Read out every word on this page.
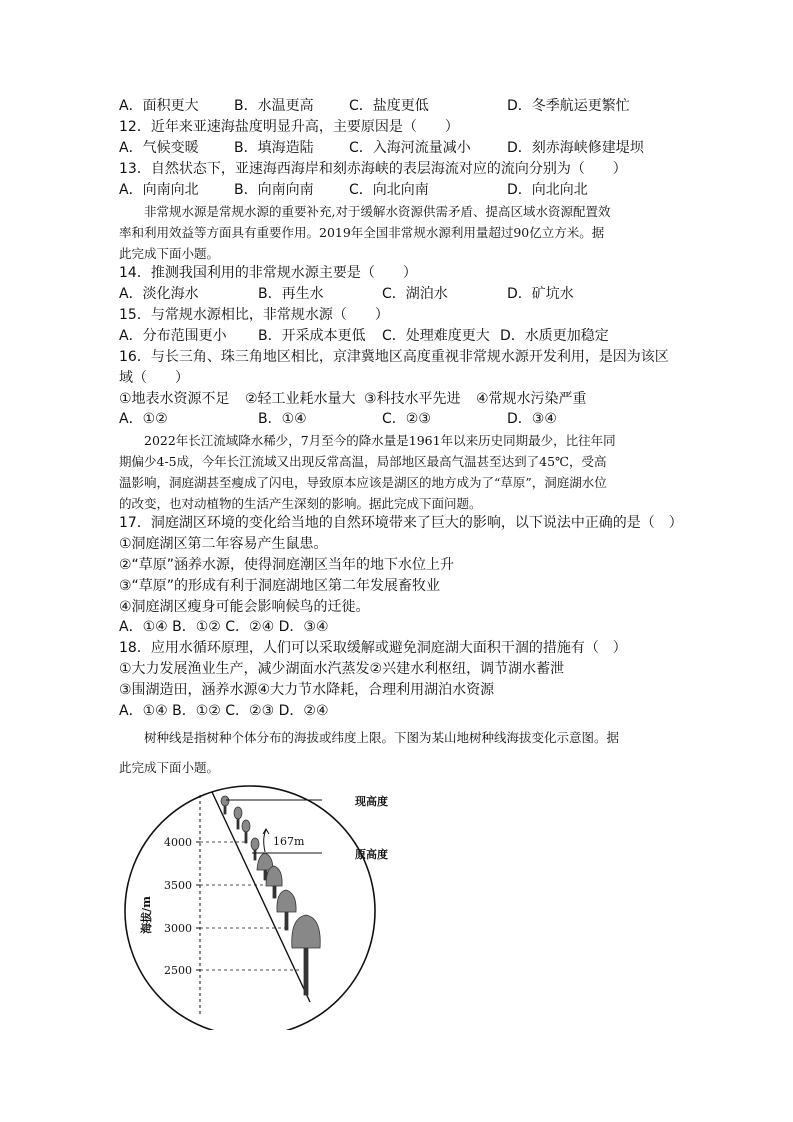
A．面积更大	B．水温更高	C．盐度更低	D．冬季航运更繁忙
12．近年来亚速海盐度明显升高，主要原因是（　　）
A．气候变暖	B．填海造陆	C．入海河流量减小	D．刻赤海峡修建堤坝
13．自然状态下，亚速海西海岸和刻赤海峡的表层海流对应的流向分别为（　　）
A．向南向北	B．向南向南	C．向北向南	D．向北向北
　　非常规水源是常规水源的重要补充,对于缓解水资源供需矛盾、提高区域水资源配置效
率和利用效益等方面具有重要作用。2019年全国非常规水源利用量超过90亿立方米。据
此完成下面小题。
14．推测我国利用的非常规水源主要是（　　）
A．淡化海水	B．再生水	C．湖泊水	D．矿坑水
15．与常规水源相比，非常规水源（　　）
A．分布范围更小 B．开采成本更低 C．处理难度更大 D．水质更加稳定
16．与长三角、珠三角地区相比，京津冀地区高度重视非常规水源开发利用，是因为该区
域（　　）
①地表水资源不足 ②轻工业耗水量大 ③科技水平先进 ④常规水污染严重
A．①②	B．①④	C．②③	D．③④
　　2022年长江流域降水稀少，7月至今的降水量是1961年以来历史同期最少，比往年同
期偏少4-5成，今年长江流域又出现反常高温，局部地区最高气温甚至达到了45℃，受高
温影响，洞庭湖甚至瘦成了闪电，导致原本应该是湖区的地方成为了“草原”，洞庭湖水位
的改变，也对动植物的生活产生深刻的影响。据此完成下面问题。
17．洞庭湖区环境的变化给当地的自然环境带来了巨大的影响，以下说法中正确的是（　）
①洞庭湖区第二年容易产生鼠患。
②“草原”涵养水源，使得洞庭潮区当年的地下水位上升
③“草原”的形成有利于洞庭湖地区第二年发展畜牧业
④洞庭湖区瘦身可能会影响候鸟的迁徙。
A．①④ B．①② C．②④ D．③④
18．应用水循环原理，人们可以采取缓解或避免洞庭湖大面积干涸的措施有（　）
①大力发展渔业生产，减少湖面水汽蒸发②兴建水利枢纽，调节湖水蓄泄
③围湖造田，涵养水源④大力节水降耗，合理利用湖泊水资源
A．①④ B．①② C．②③ D．②④
　　树种线是指树种个体分布的海拔或纬度上限。下图为某山地树种线海拔变化示意图。据
此完成下面小题。
4000
3500
3000
2500
海拔/m
现高度
原高度
167m
